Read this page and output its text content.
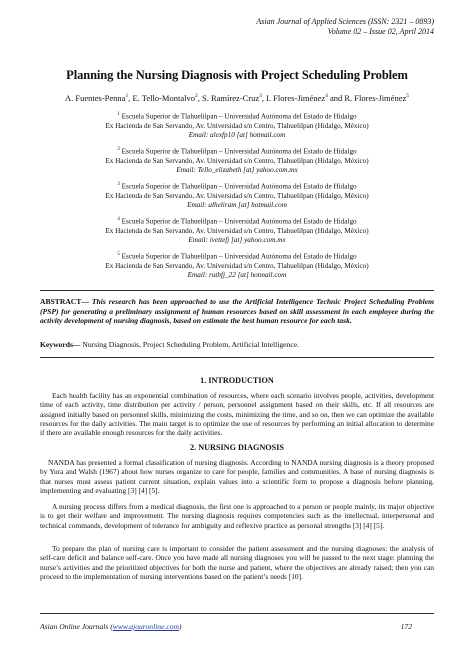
Asian Journal of Applied Sciences (ISSN: 2321 – 0893)
Volume 02 – Issue 02, April 2014
Planning the Nursing Diagnosis with Project Scheduling Problem
A. Fuentes-Penna$^1$, E. Tello-Montalvo$^2$, S. Ramírez-Cruz$^3$, I. Flores-Jiménez$^4$ and R. Flores-Jiménez$^5$
$^1$ Escuela Superior de Tlahuelilpan – Universidad Autónoma del Estado de Hidalgo
Ex Hacienda de San Servando, Av. Universidad s/n Centro, Tlahuelilpan (Hidalgo, México)
Email: alexfp10 [at] hotmail.com
$^2$ Escuela Superior de Tlahuelilpan – Universidad Autónoma del Estado de Hidalgo
Ex Hacienda de San Servando, Av. Universidad s/n Centro, Tlahuelilpan (Hidalgo, México)
Email: Tello_elizabeth [at] yahoo.com.mx
$^3$ Escuela Superior de Tlahuelilpan – Universidad Autónoma del Estado de Hidalgo
Ex Hacienda de San Servando, Av. Universidad s/n Centro, Tlahuelilpan (Hidalgo, México)
Email: alheliram [at] hotmail.com
$^4$ Escuela Superior de Tlahuelilpan – Universidad Autónoma del Estado de Hidalgo
Ex Hacienda de San Servando, Av. Universidad s/n Centro, Tlahuelilpan (Hidalgo, México)
Email: ivettefj [at] yahoo.com.mx
$^5$ Escuela Superior de Tlahuelilpan – Universidad Autónoma del Estado de Hidalgo
Ex Hacienda de San Servando, Av. Universidad s/n Centro, Tlahuelilpan (Hidalgo, México)
Email: rutbfj_22 [at] hotmail.com
ABSTRACT— This research has been approached to use the Artificial Intelligence Technic Project Scheduling Problem (PSP) for generating a preliminary assignment of human resources based on skill assessment in each employee during the activity development of nursing diagnosis, based on estimate the best human resource for each task.
Keywords— Nursing Diagnosis, Project Scheduling Problem, Artificial Intelligence.
1. INTRODUCTION
Each health facility has an exponential combination of resources, where each scenario involves people, activities, development time of each activity, time distribution per activity / person, personnel assignment based on their skills, etc. If all resources are assigned initially based on personnel skills, minimizing the costs, minimizing the time, and so on, then we can optimize the available resources for the daily activities. The main target is to optimize the use of resources by performing an initial allocation to determine if there are available enough resources for the daily activities.
2. NURSING DIAGNOSIS
NANDA has presented a formal classification of nursing diagnosis. According to NANDA nursing diagnosis is a theory proposed by Yura and Walsh (1967) about how nurses organize to care for people, families and communities. A base of nursing diagnosis is that nurses must assess patient current situation, explain values into a scientific form to propose a diagnosis before planning, implementing and evaluating [3] [4] [5].
A nursing process differs from a medical diagnosis, the first one is approached to a person or people mainly, its major objective is to get their welfare and improvement. The nursing diagnosis requires competencies such as the intellectual, interpersonal and technical commands, development of tolerance for ambiguity and reflexive practice as personal strengths [3] [4] [5].
To prepare the plan of nursing care is important to consider the patient assessment and the nursing diagnoses: the analysis of self-care deficit and balance self-care. Once you have made all nursing diagnoses you will be passed to the next stage: planning the nurse’s activities and the prioritized objectives for both the nurse and patient, where the objectives are already raised; then you can proceed to the implementation of nursing interventions based on the patient’s needs [10].
Asian Online Journals (www.ajouronline.com)	172
